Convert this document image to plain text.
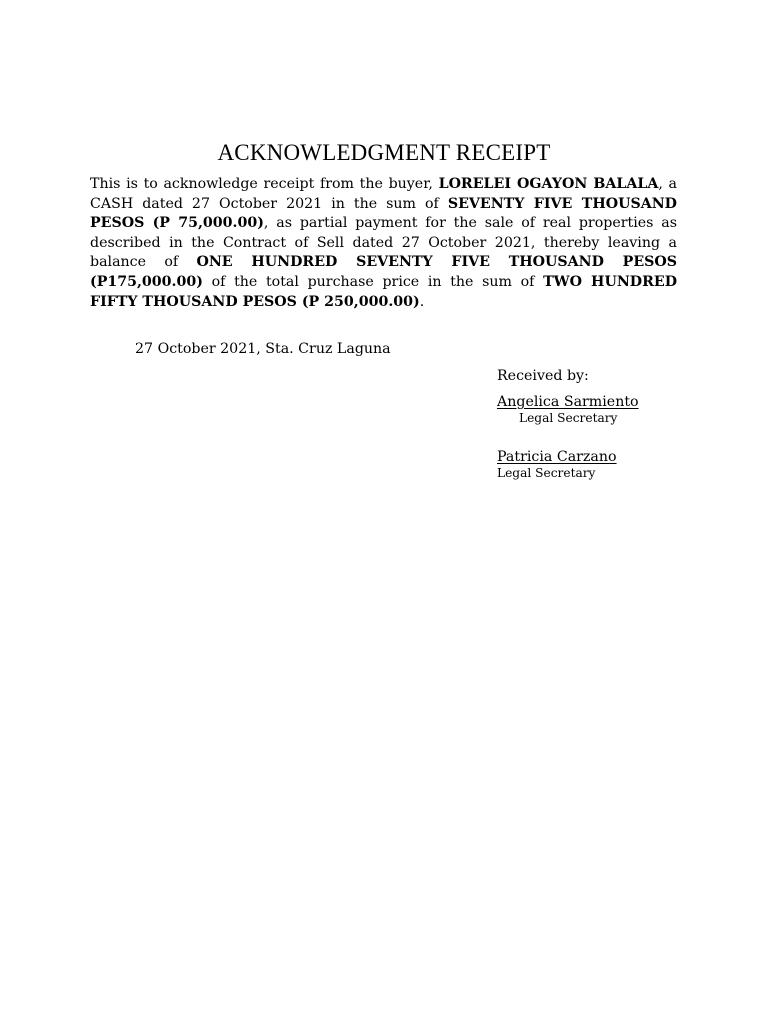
ACKNOWLEDGMENT RECEIPT

This is to acknowledge receipt from the buyer, LORELEI OGAYON BALALA, a CASH dated 27 October 2021 in the sum of SEVENTY FIVE THOUSAND PESOS (P 75,000.00), as partial payment for the sale of real properties as described in the Contract of Sell dated 27 October 2021, thereby leaving a balance of ONE HUNDRED SEVENTY FIVE THOUSAND PESOS (P175,000.00) of the total purchase price in the sum of TWO HUNDRED FIFTY THOUSAND PESOS (P 250,000.00).

27 October 2021, Sta. Cruz Laguna
Received by:
Angelica Sarmiento
Legal Secretary
Patricia Carzano
Legal Secretary
